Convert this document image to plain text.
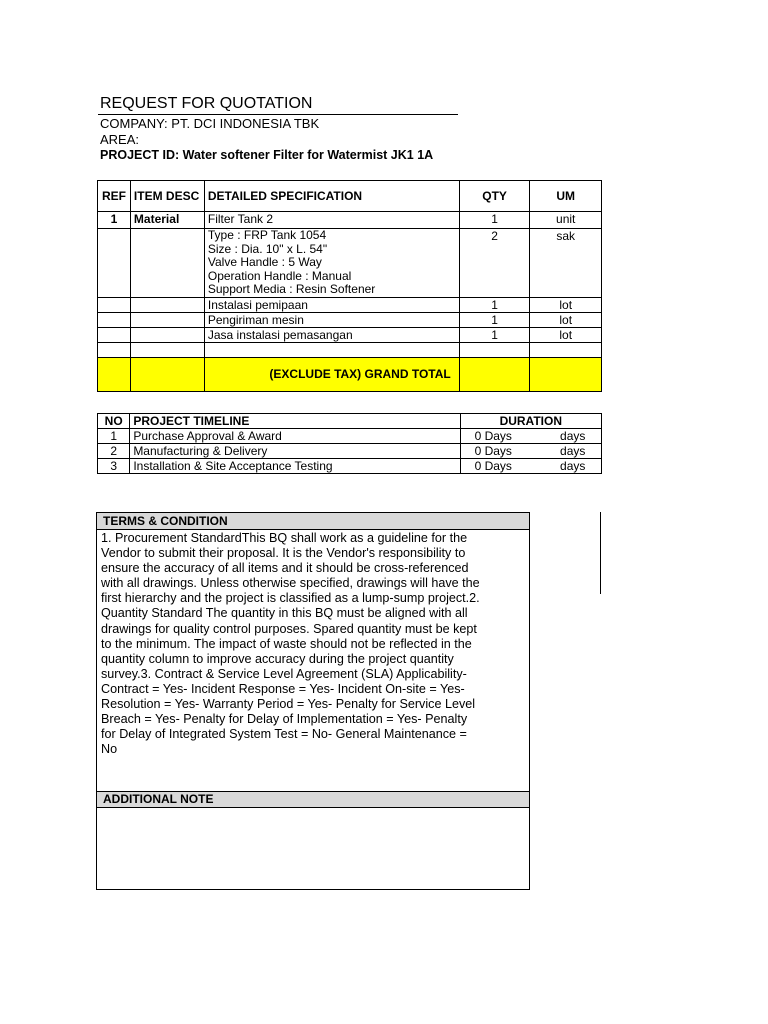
REQUEST FOR QUOTATION
COMPANY: PT. DCI INDONESIA TBK
AREA:
PROJECT ID: Water softener Filter for Watermist JK1 1A
REF	ITEM DESC	DETAILED SPECIFICATION	QTY	UM
1	Material	Filter Tank 2	1	unit

		Type : FRP Tank 1054
Size : Dia. 10" x L. 54"
Valve Handle : 5 Way
Operation Handle : Manual
Support Media : Resin Softener	2	sak
		Instalasi pemipaan	1	lot
		Pengiriman mesin	1	lot
		Jasa instalasi pemasangan	1	lot

		(EXCLUDE TAX) GRAND TOTAL		
NO	PROJECT TIMELINE	DURATION	
1	Purchase Approval & Award	0 Days	days
2	Manufacturing & Delivery	0 Days	days
3	Installation & Site Acceptance Testing	0 Days	days
TERMS & CONDITION
1. Procurement StandardThis BQ shall work as a guideline for the
Vendor to submit their proposal. It is the Vendor's responsibility to
ensure the accuracy of all items and it should be cross-referenced
with all drawings. Unless otherwise specified, drawings will have the
first hierarchy and the project is classified as a lump-sump project.2.
Quantity Standard The quantity in this BQ must be aligned with all
drawings for quality control purposes. Spared quantity must be kept
to the minimum. The impact of waste should not be reflected in the
quantity column to improve accuracy during the project quantity
survey.3. Contract & Service Level Agreement (SLA) Applicability-
Contract = Yes- Incident Response = Yes- Incident On-site = Yes-
Resolution = Yes- Warranty Period = Yes- Penalty for Service Level
Breach = Yes- Penalty for Delay of Implementation = Yes- Penalty
for Delay of Integrated System Test = No- General Maintenance =
No
ADDITIONAL NOTE
